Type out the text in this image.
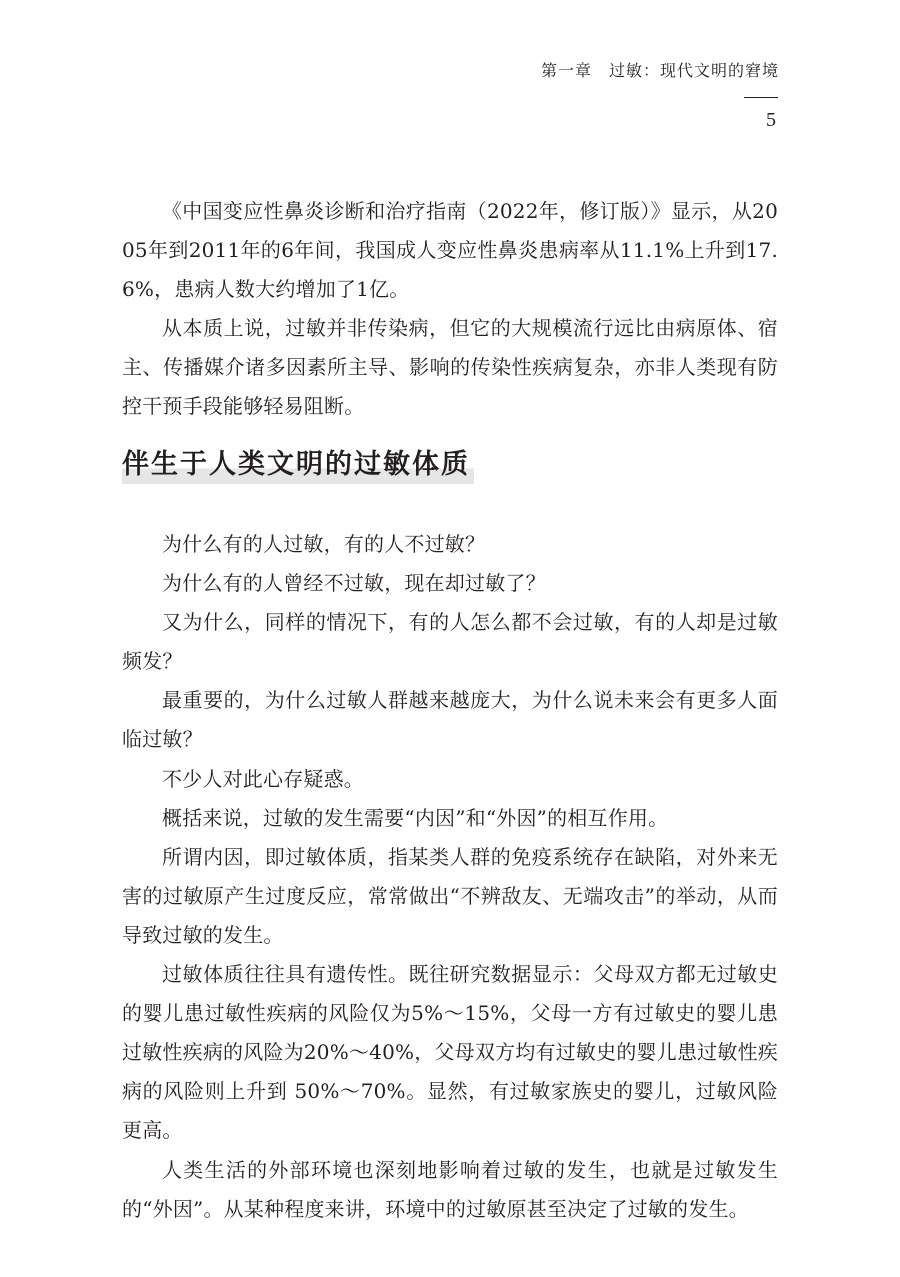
第一章　过敏：现代文明的窘境
5

《中国变应性鼻炎诊断和治疗指南（2022年，修订版）》显示，从2005年到2011年的6年间，我国成人变应性鼻炎患病率从11.1%上升到17.6%，患病人数大约增加了1亿。

从本质上说，过敏并非传染病，但它的大规模流行远比由病原体、宿主、传播媒介诸多因素所主导、影响的传染性疾病复杂，亦非人类现有防控干预手段能够轻易阻断。

伴生于人类文明的过敏体质

为什么有的人过敏，有的人不过敏？

为什么有的人曾经不过敏，现在却过敏了？

又为什么，同样的情况下，有的人怎么都不会过敏，有的人却是过敏频发？

最重要的，为什么过敏人群越来越庞大，为什么说未来会有更多人面临过敏？

不少人对此心存疑惑。

概括来说，过敏的发生需要“内因”和“外因”的相互作用。

所谓内因，即过敏体质，指某类人群的免疫系统存在缺陷，对外来无害的过敏原产生过度反应，常常做出“不辨敌友、无端攻击”的举动，从而导致过敏的发生。

过敏体质往往具有遗传性。既往研究数据显示：父母双方都无过敏史的婴儿患过敏性疾病的风险仅为5%～15%，父母一方有过敏史的婴儿患过敏性疾病的风险为20%～40%，父母双方均有过敏史的婴儿患过敏性疾病的风险则上升到 50%～70%。显然，有过敏家族史的婴儿，过敏风险更高。

人类生活的外部环境也深刻地影响着过敏的发生，也就是过敏发生的“外因”。从某种程度来讲，环境中的过敏原甚至决定了过敏的发生。
